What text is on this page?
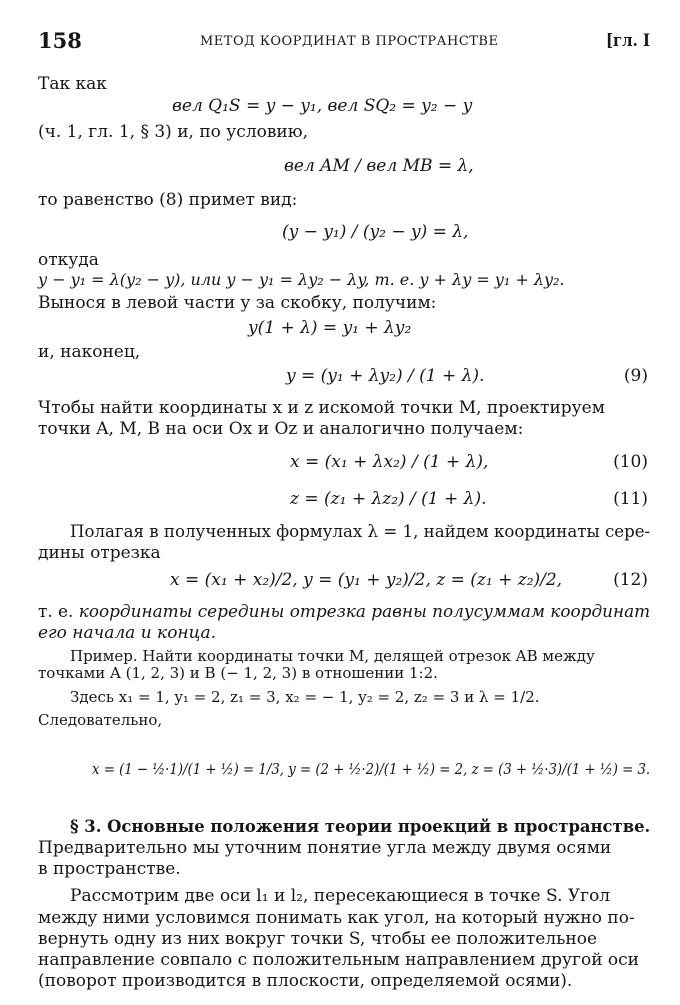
158	МЕТОД КООРДИНАТ В ПРОСТРАНСТВЕ	[гл. I
Так как
вел Q₁S = y − y₁, вел SQ₂ = y₂ − y
(ч. 1, гл. 1, § 3) и, по условию,
вел AM / вел MB = λ,
то равенство (8) примет вид:
(y − y₁) / (y₂ − y) = λ,
откуда
y − y₁ = λ(y₂ − y), или y − y₁ = λy₂ − λy, т. е. y + λy = y₁ + λy₂.
Вынося в левой части y за скобку, получим:
y(1 + λ) = y₁ + λy₂
и, наконец,
y = (y₁ + λy₂) / (1 + λ).	(9)
Чтобы найти координаты x и z искомой точки M, проектируем
точки A, M, B на оси Ox и Oz и аналогично получаем:
x = (x₁ + λx₂) / (1 + λ),	(10)
z = (z₁ + λz₂) / (1 + λ).	(11)
Полагая в полученных формулах λ = 1, найдем координаты сере-
дины отрезка
x = (x₁ + x₂)/2, y = (y₁ + y₂)/2, z = (z₁ + z₂)/2,	(12)
т. е. координаты середины отрезка равны полусуммам координат
его начала и конца.
Пример. Найти координаты точки M, делящей отрезок AB между
точками A (1, 2, 3) и B (− 1, 2, 3) в отношении 1:2.
Здесь x₁ = 1, y₁ = 2, z₁ = 3, x₂ = − 1, y₂ = 2, z₂ = 3 и λ = 1/2.
Следовательно,
x = (1 − ½·1)/(1 + ½) = 1/3, y = (2 + ½·2)/(1 + ½) = 2, z = (3 + ½·3)/(1 + ½) = 3.
§ 3. Основные положения теории проекций в пространстве.
Предварительно мы уточним понятие угла между двумя осями
в пространстве.
Рассмотрим две оси l₁ и l₂, пересекающиеся в точке S. Угол
между ними условимся понимать как угол, на который нужно по-
вернуть одну из них вокруг точки S, чтобы ее положительное
направление совпало с положительным направлением другой оси
(поворот производится в плоскости, определяемой осями).
